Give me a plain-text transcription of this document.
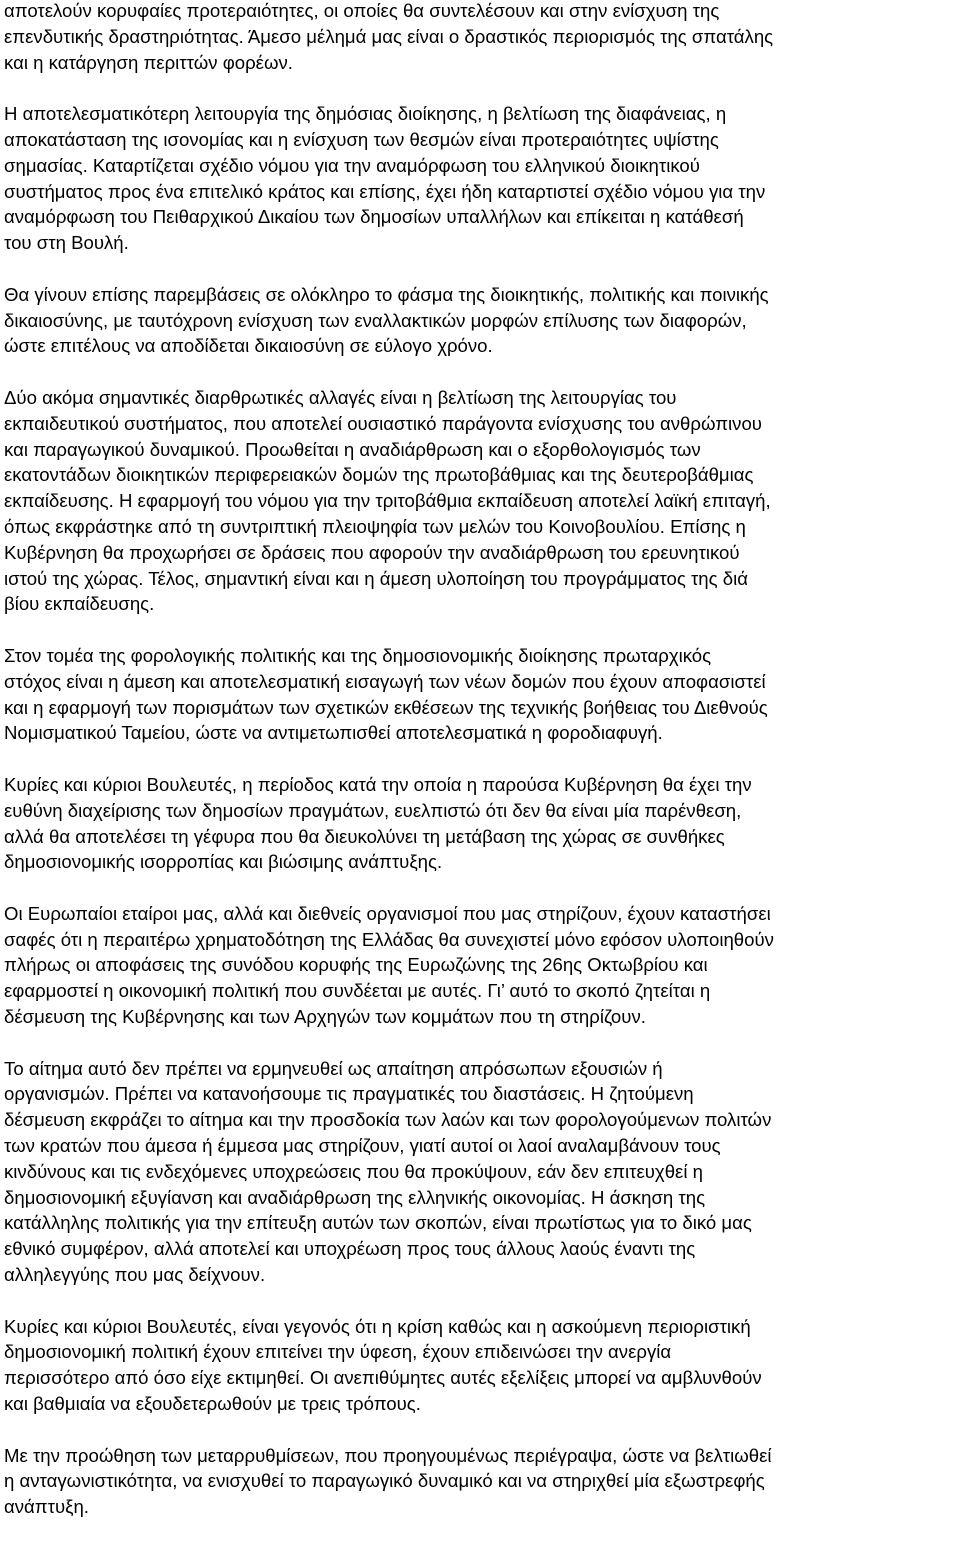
αποτελούν κορυφαίες προτεραιότητες, οι οποίες θα συντελέσουν και στην ενίσχυση της
επενδυτικής δραστηριότητας. Άμεσο μέλημά μας είναι ο δραστικός περιορισμός της σπατάλης
και η κατάργηση περιττών φορέων.

Η αποτελεσματικότερη λειτουργία της δημόσιας διοίκησης, η βελτίωση της διαφάνειας, η
αποκατάσταση της ισονομίας και η ενίσχυση των θεσμών είναι προτεραιότητες υψίστης
σημασίας. Καταρτίζεται σχέδιο νόμου για την αναμόρφωση του ελληνικού διοικητικού
συστήματος προς ένα επιτελικό κράτος και επίσης, έχει ήδη καταρτιστεί σχέδιο νόμου για την
αναμόρφωση του Πειθαρχικού Δικαίου των δημοσίων υπαλλήλων και επίκειται η κατάθεσή
του στη Βουλή.

Θα γίνουν επίσης παρεμβάσεις σε ολόκληρο το φάσμα της διοικητικής, πολιτικής και ποινικής
δικαιοσύνης, με ταυτόχρονη ενίσχυση των εναλλακτικών μορφών επίλυσης των διαφορών,
ώστε επιτέλους να αποδίδεται δικαιοσύνη σε εύλογο χρόνο.

Δύο ακόμα σημαντικές διαρθρωτικές αλλαγές είναι η βελτίωση της λειτουργίας του
εκπαιδευτικού συστήματος, που αποτελεί ουσιαστικό παράγοντα ενίσχυσης του ανθρώπινου
και παραγωγικού δυναμικού. Προωθείται η αναδιάρθρωση και ο εξορθολογισμός των
εκατοντάδων διοικητικών περιφερειακών δομών της πρωτοβάθμιας και της δευτεροβάθμιας
εκπαίδευσης. Η εφαρμογή του νόμου για την τριτοβάθμια εκπαίδευση αποτελεί λαϊκή επιταγή,
όπως εκφράστηκε από τη συντριπτική πλειοψηφία των μελών του Κοινοβουλίου. Επίσης η
Κυβέρνηση θα προχωρήσει σε δράσεις που αφορούν την αναδιάρθρωση του ερευνητικού
ιστού της χώρας. Τέλος, σημαντική είναι και η άμεση υλοποίηση του προγράμματος της διά
βίου εκπαίδευσης.

Στον τομέα της φορολογικής πολιτικής και της δημοσιονομικής διοίκησης πρωταρχικός
στόχος είναι η άμεση και αποτελεσματική εισαγωγή των νέων δομών που έχουν αποφασιστεί
και η εφαρμογή των πορισμάτων των σχετικών εκθέσεων της τεχνικής βοήθειας του Διεθνούς
Νομισματικού Ταμείου, ώστε να αντιμετωπισθεί αποτελεσματικά η φοροδιαφυγή.

Κυρίες και κύριοι Βουλευτές, η περίοδος κατά την οποία η παρούσα Κυβέρνηση θα έχει την
ευθύνη διαχείρισης των δημοσίων πραγμάτων, ευελπιστώ ότι δεν θα είναι μία παρένθεση,
αλλά θα αποτελέσει τη γέφυρα που θα διευκολύνει τη μετάβαση της χώρας σε συνθήκες
δημοσιονομικής ισορροπίας και βιώσιμης ανάπτυξης.

Οι Ευρωπαίοι εταίροι μας, αλλά και διεθνείς οργανισμοί που μας στηρίζουν, έχουν καταστήσει
σαφές ότι η περαιτέρω χρηματοδότηση της Ελλάδας θα συνεχιστεί μόνο εφόσον υλοποιηθούν
πλήρως οι αποφάσεις της συνόδου κορυφής της Ευρωζώνης της 26ης Οκτωβρίου και
εφαρμοστεί η οικονομική πολιτική που συνδέεται με αυτές. Γι’ αυτό το σκοπό ζητείται η
δέσμευση της Κυβέρνησης και των Αρχηγών των κομμάτων που τη στηρίζουν.

Το αίτημα αυτό δεν πρέπει να ερμηνευθεί ως απαίτηση απρόσωπων εξουσιών ή
οργανισμών. Πρέπει να κατανοήσουμε τις πραγματικές του διαστάσεις. Η ζητούμενη
δέσμευση εκφράζει το αίτημα και την προσδοκία των λαών και των φορολογούμενων πολιτών
των κρατών που άμεσα ή έμμεσα μας στηρίζουν, γιατί αυτοί οι λαοί αναλαμβάνουν τους
κινδύνους και τις ενδεχόμενες υποχρεώσεις που θα προκύψουν, εάν δεν επιτευχθεί η
δημοσιονομική εξυγίανση και αναδιάρθρωση της ελληνικής οικονομίας. Η άσκηση της
κατάλληλης πολιτικής για την επίτευξη αυτών των σκοπών, είναι πρωτίστως για το δικό μας
εθνικό συμφέρον, αλλά αποτελεί και υποχρέωση προς τους άλλους λαούς έναντι της
αλληλεγγύης που μας δείχνουν.

Κυρίες και κύριοι Βουλευτές, είναι γεγονός ότι η κρίση καθώς και η ασκούμενη περιοριστική
δημοσιονομική πολιτική έχουν επιτείνει την ύφεση, έχουν επιδεινώσει την ανεργία
περισσότερο από όσο είχε εκτιμηθεί. Οι ανεπιθύμητες αυτές εξελίξεις μπορεί να αμβλυνθούν
και βαθμιαία να εξουδετερωθούν με τρεις τρόπους.

Με την προώθηση των μεταρρυθμίσεων, που προηγουμένως περιέγραψα, ώστε να βελτιωθεί
η ανταγωνιστικότητα, να ενισχυθεί το παραγωγικό δυναμικό και να στηριχθεί μία εξωστρεφής
ανάπτυξη.
